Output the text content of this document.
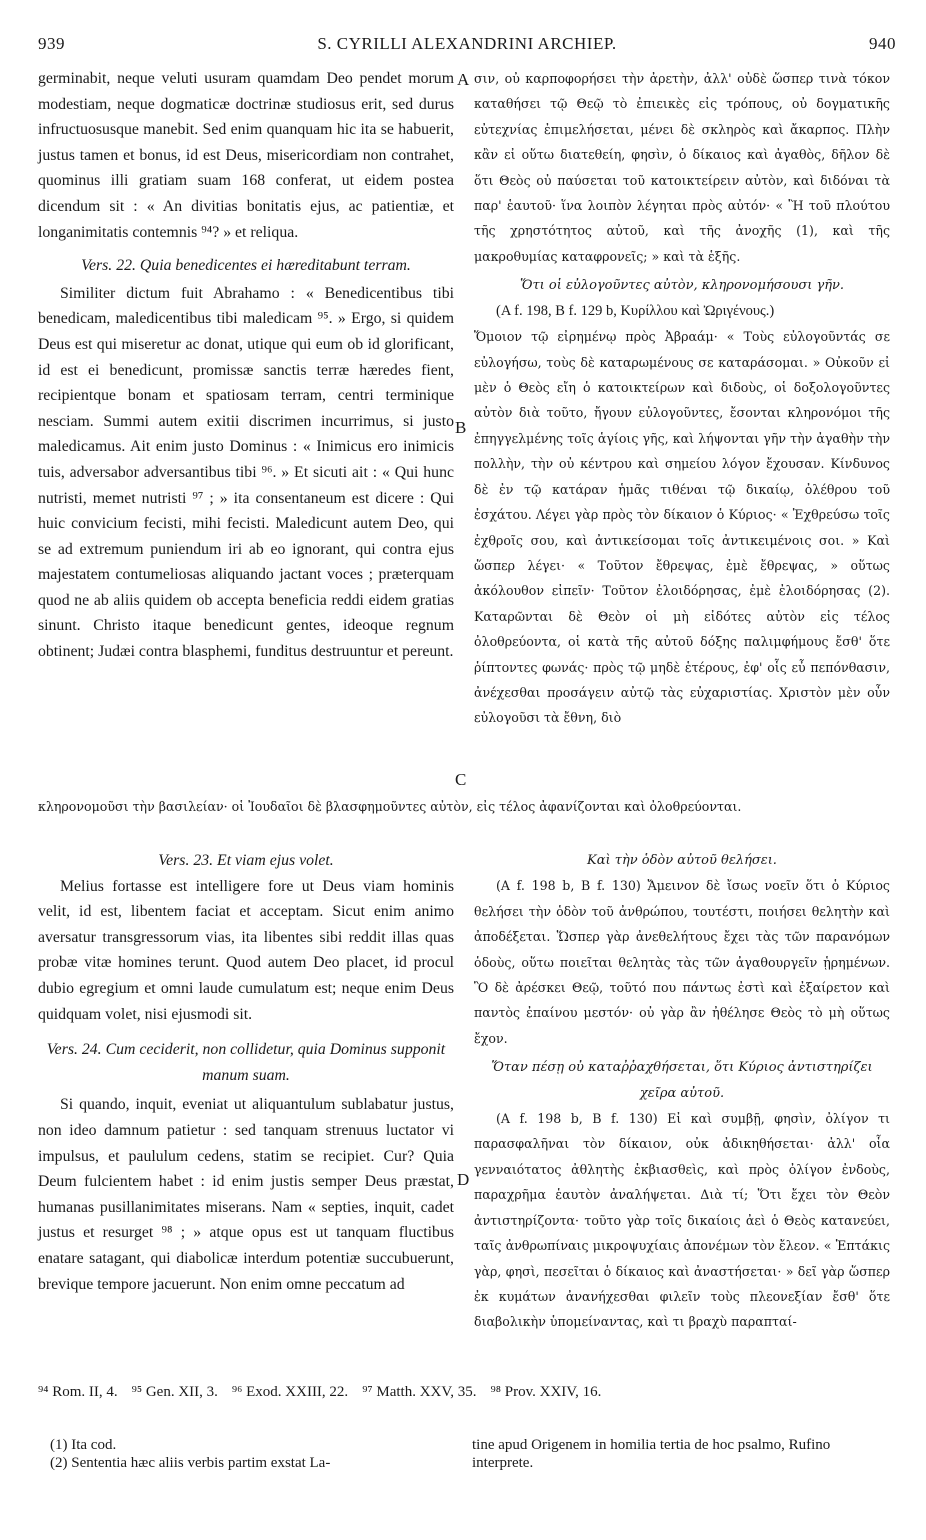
939	S. CYRILLI ALEXANDRINI ARCHIEP.	940

germinabit, neque veluti usuram quamdam Deo pendet morum modestiam, neque dogmaticæ doctrinæ studiosus erit, sed durus infructuosusque manebit. Sed enim quanquam hic ita se habuerit, justus tamen et bonus, id est Deus, misericordiam non contrahet, quominus illi gratiam suam 168 conferat, ut eidem postea dicendum sit : « An divitias bonitatis ejus, ac patientiæ, et longanimitatis contemnis ⁹⁴? » et reliqua.

Vers. 22. Quia benedicentes ei hæreditabunt terram.

Similiter dictum fuit Abrahamo : « Benedicentibus tibi benedicam, maledicentibus tibi maledicam ⁹⁵. » Ergo, si quidem Deus est qui miseretur ac donat, utique qui eum ob id glorificant, id est ei benedicunt, promissæ sanctis terræ hæredes fient, recipientque bonam et spatiosam terram, centri terminique nesciam. Summi autem exitii discrimen incurrimus, si justo maledicamus. Ait enim justo Dominus : « Inimicus ero inimicis tuis, adversabor adversantibus tibi ⁹⁶. » Et sicuti ait : « Qui hunc nutristi, memet nutristi ⁹⁷ ; » ita consentaneum est dicere : Qui huic convicium fecisti, mihi fecisti. Maledicunt autem Deo, qui se ad extremum puniendum iri ab eo ignorant, qui contra ejus majestatem contumeliosas aliquando jactant voces ; præterquam quod ne ab aliis quidem ob accepta beneficia reddi eidem gratias sinunt. Christo itaque benedicunt gentes, ideoque regnum obtinent; Judæi contra blasphemi, funditus destruuntur et pereunt.

κληρονομοῦσι τὴν βασιλείαν· οἱ Ἰουδαῖοι δὲ βλασφημοῦντες αὐτὸν, εἰς τέλος ἀφανίζονται καὶ ὀλοθρεύονται.

Vers. 23. Et viam ejus volet.

Melius fortasse est intelligere fore ut Deus viam hominis velit, id est, libentem faciat et acceptam. Sicut enim animo aversatur transgressorum vias, ita libentes sibi reddit illas quas probæ vitæ homines terunt. Quod autem Deo placet, id procul dubio egregium et omni laude cumulatum est; neque enim Deus quidquam volet, nisi ejusmodi sit.

Vers. 24. Cum ceciderit, non collidetur, quia Dominus supponit manum suam.

Si quando, inquit, eveniat ut aliquantulum sublabatur justus, non ideo damnum patietur : sed tanquam strenuus luctator vi impulsus, et paululum cedens, statim se recipiet. Cur? Quia Deum fulcientem habet : id enim justis semper Deus præstat, humanas pusillanimitates miserans. Nam « septies, inquit, cadet justus et resurget ⁹⁸ ; » atque opus est ut tanquam fluctibus enatare satagant, qui diabolicæ interdum potentiæ succubuerunt, brevique tempore jacuerunt. Non enim omne peccatum ad

σιν, οὐ καρποφορήσει τὴν ἀρετὴν, ἀλλ' οὐδὲ ὥσπερ τινὰ τόκον καταθήσει τῷ Θεῷ τὸ ἐπιεικὲς εἰς τρόπους, οὐ δογματικῆς εὐτεχνίας ἐπιμελήσεται, μένει δὲ σκληρὸς καὶ ἄκαρπος. Πλὴν κἂν εἰ οὕτω διατεθείη, φησὶν, ὁ δίκαιος καὶ ἀγαθὸς, δῆλον δὲ ὅτι Θεὸς οὐ παύσεται τοῦ κατοικτείρειν αὐτὸν, καὶ διδόναι τὰ παρ' ἑαυτοῦ· ἵνα λοιπὸν λέγηται πρὸς αὐτόν· « Ἢ τοῦ πλούτου τῆς χρηστότητος αὐτοῦ, καὶ τῆς ἀνοχῆς (1), καὶ τῆς μακροθυμίας καταφρονεῖς; » καὶ τὰ ἑξῆς.

Ὅτι οἱ εὐλογοῦντες αὐτὸν, κληρονομήσουσι γῆν.

(A f. 198, B f. 129 b, Κυρίλλου καὶ Ὠριγένους.)

Ὅμοιον τῷ εἰρημένῳ πρὸς Ἀβραάμ· « Τοὺς εὐλογοῦντάς σε εὐλογήσω, τοὺς δὲ καταρωμένους σε καταράσομαι. » Οὐκοῦν εἰ μὲν ὁ Θεὸς εἴη ὁ κατοικτείρων καὶ διδοὺς, οἱ δοξολογοῦντες αὐτὸν διὰ τοῦτο, ἤγουν εὐλογοῦντες, ἔσονται κληρονόμοι τῆς ἐπηγγελμένης τοῖς ἁγίοις γῆς, καὶ λήψονται γῆν τὴν ἀγαθὴν τὴν πολλὴν, τὴν οὐ κέντρου καὶ σημείου λόγον ἔχουσαν. Κίνδυνος δὲ ἐν τῷ κατάραν ἡμᾶς τιθέναι τῷ δικαίῳ, ὀλέθρου τοῦ ἐσχάτου. Λέγει γὰρ πρὸς τὸν δίκαιον ὁ Κύριος· « Ἐχθρεύσω τοῖς ἐχθροῖς σου, καὶ ἀντικείσομαι τοῖς ἀντικειμένοις σοι. » Καὶ ὥσπερ λέγει· « Τοῦτον ἔθρεψας, ἐμὲ ἔθρεψας, » οὕτως ἀκόλουθον εἰπεῖν· Τοῦτον ἐλοιδόρησας, ἐμὲ ἐλοιδόρησας (2). Καταρῶνται δὲ Θεὸν οἱ μὴ εἰδότες αὐτὸν εἰς τέλος ὀλοθρεύοντα, οἱ κατὰ τῆς αὐτοῦ δόξης παλιμφήμους ἔσθ' ὅτε ῥίπτοντες φωνάς· πρὸς τῷ μηδὲ ἑτέρους, ἐφ' οἷς εὖ πεπόνθασιν, ἀνέχεσθαι προσάγειν αὐτῷ τὰς εὐχαριστίας. Χριστὸν μὲν οὖν εὐλογοῦσι τὰ ἔθνη, διὸ

Καὶ τὴν ὁδὸν αὐτοῦ θελήσει.

(A f. 198 b, B f. 130) Ἄμεινον δὲ ἴσως νοεῖν ὅτι ὁ Κύριος θελήσει τὴν ὁδὸν τοῦ ἀνθρώπου, τουτέστι, ποιήσει θελητὴν καὶ ἀποδέξεται. Ὥσπερ γὰρ ἀνεθελήτους ἔχει τὰς τῶν παρανόμων ὁδοὺς, οὕτω ποιεῖται θελητὰς τὰς τῶν ἀγαθουργεῖν ᾑρημένων. Ὃ δὲ ἀρέσκει Θεῷ, τοῦτό που πάντως ἐστὶ καὶ ἐξαίρετον καὶ παντὸς ἐπαίνου μεστόν· οὐ γὰρ ἂν ἠθέλησε Θεὸς τὸ μὴ οὕτως ἔχον.

Ὅταν πέσῃ οὐ καταῤῥαχθήσεται, ὅτι Κύριος ἀντιστηρίζει χεῖρα αὐτοῦ.

(A f. 198 b, B f. 130) Εἰ καὶ συμβῇ, φησὶν, ὀλίγον τι παρασφαλῆναι τὸν δίκαιον, οὐκ ἀδικηθήσεται· ἀλλ' οἷα γενναιότατος ἀθλητὴς ἐκβιασθεὶς, καὶ πρὸς ὀλίγον ἐνδοὺς, παραχρῆμα ἑαυτὸν ἀναλήψεται. Διὰ τί; Ὅτι ἔχει τὸν Θεὸν ἀντιστηρίζοντα· τοῦτο γὰρ τοῖς δικαίοις ἀεὶ ὁ Θεὸς κατανεύει, ταῖς ἀνθρωπίναις μικροψυχίαις ἀπονέμων τὸν ἔλεον. « Ἑπτάκις γὰρ, φησὶ, πεσεῖται ὁ δίκαιος καὶ ἀναστήσεται· » δεῖ γὰρ ὥσπερ ἐκ κυμάτων ἀνανήχεσθαι φιλεῖν τοὺς πλεονεξίαν ἔσθ' ὅτε διαβολικὴν ὑπομείναντας, καὶ τι βραχὺ παραπταί-

A
B
C
D
⁹⁴ Rom. II, 4. ⁹⁵ Gen. XII, 3. ⁹⁶ Exod. XXIII, 22. ⁹⁷ Matth. XXV, 35. ⁹⁸ Prov. XXIV, 16.
(1) Ita cod.
(2) Sententia hæc aliis verbis partim exstat La-
tine apud Origenem in homilia tertia de hoc psalmo, Rufino interprete.
